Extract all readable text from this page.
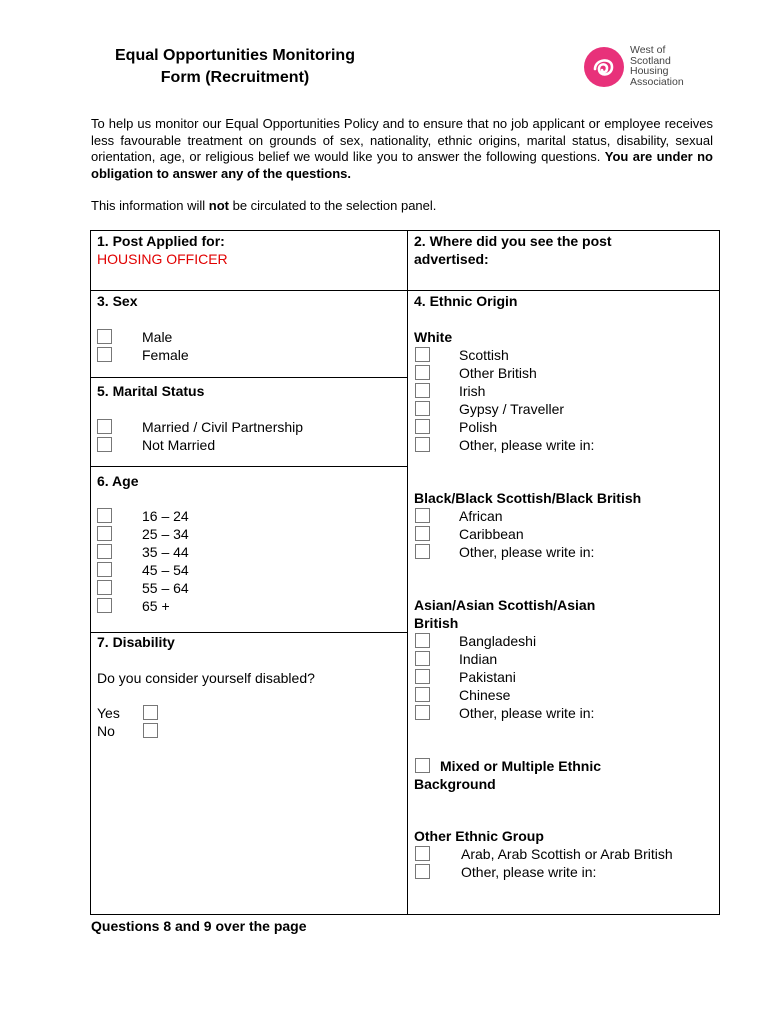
Equal Opportunities Monitoring
Form (Recruitment)
West of
Scotland
Housing
Association
To help us monitor our Equal Opportunities Policy and to ensure that no job applicant or employee receives less favourable treatment on grounds of sex, nationality, ethnic origins, marital status, disability, sexual orientation, age, or religious belief we would like you to answer the following questions. You are under no obligation to answer any of the questions.
This information will not be circulated to the selection panel.
1. Post Applied for:
HOUSING OFFICER
2. Where did you see the post
advertised:
3. Sex
Male
Female
5. Marital Status
Married / Civil Partnership
Not Married
6. Age
16 – 24
25 – 34
35 – 44
45 – 54
55 – 64
65 +
7. Disability
Do you consider yourself disabled?
Yes
No
4. Ethnic Origin
White
Scottish
Other British
Irish
Gypsy / Traveller
Polish
Other, please write in:
Black/Black Scottish/Black British
African
Caribbean
Other, please write in:
Asian/Asian Scottish/Asian
British
Bangladeshi
Indian
Pakistani
Chinese
Other, please write in:
Mixed or Multiple Ethnic
Background
Other Ethnic Group
Arab, Arab Scottish or Arab British
Other, please write in:
Questions 8 and 9 over the page
